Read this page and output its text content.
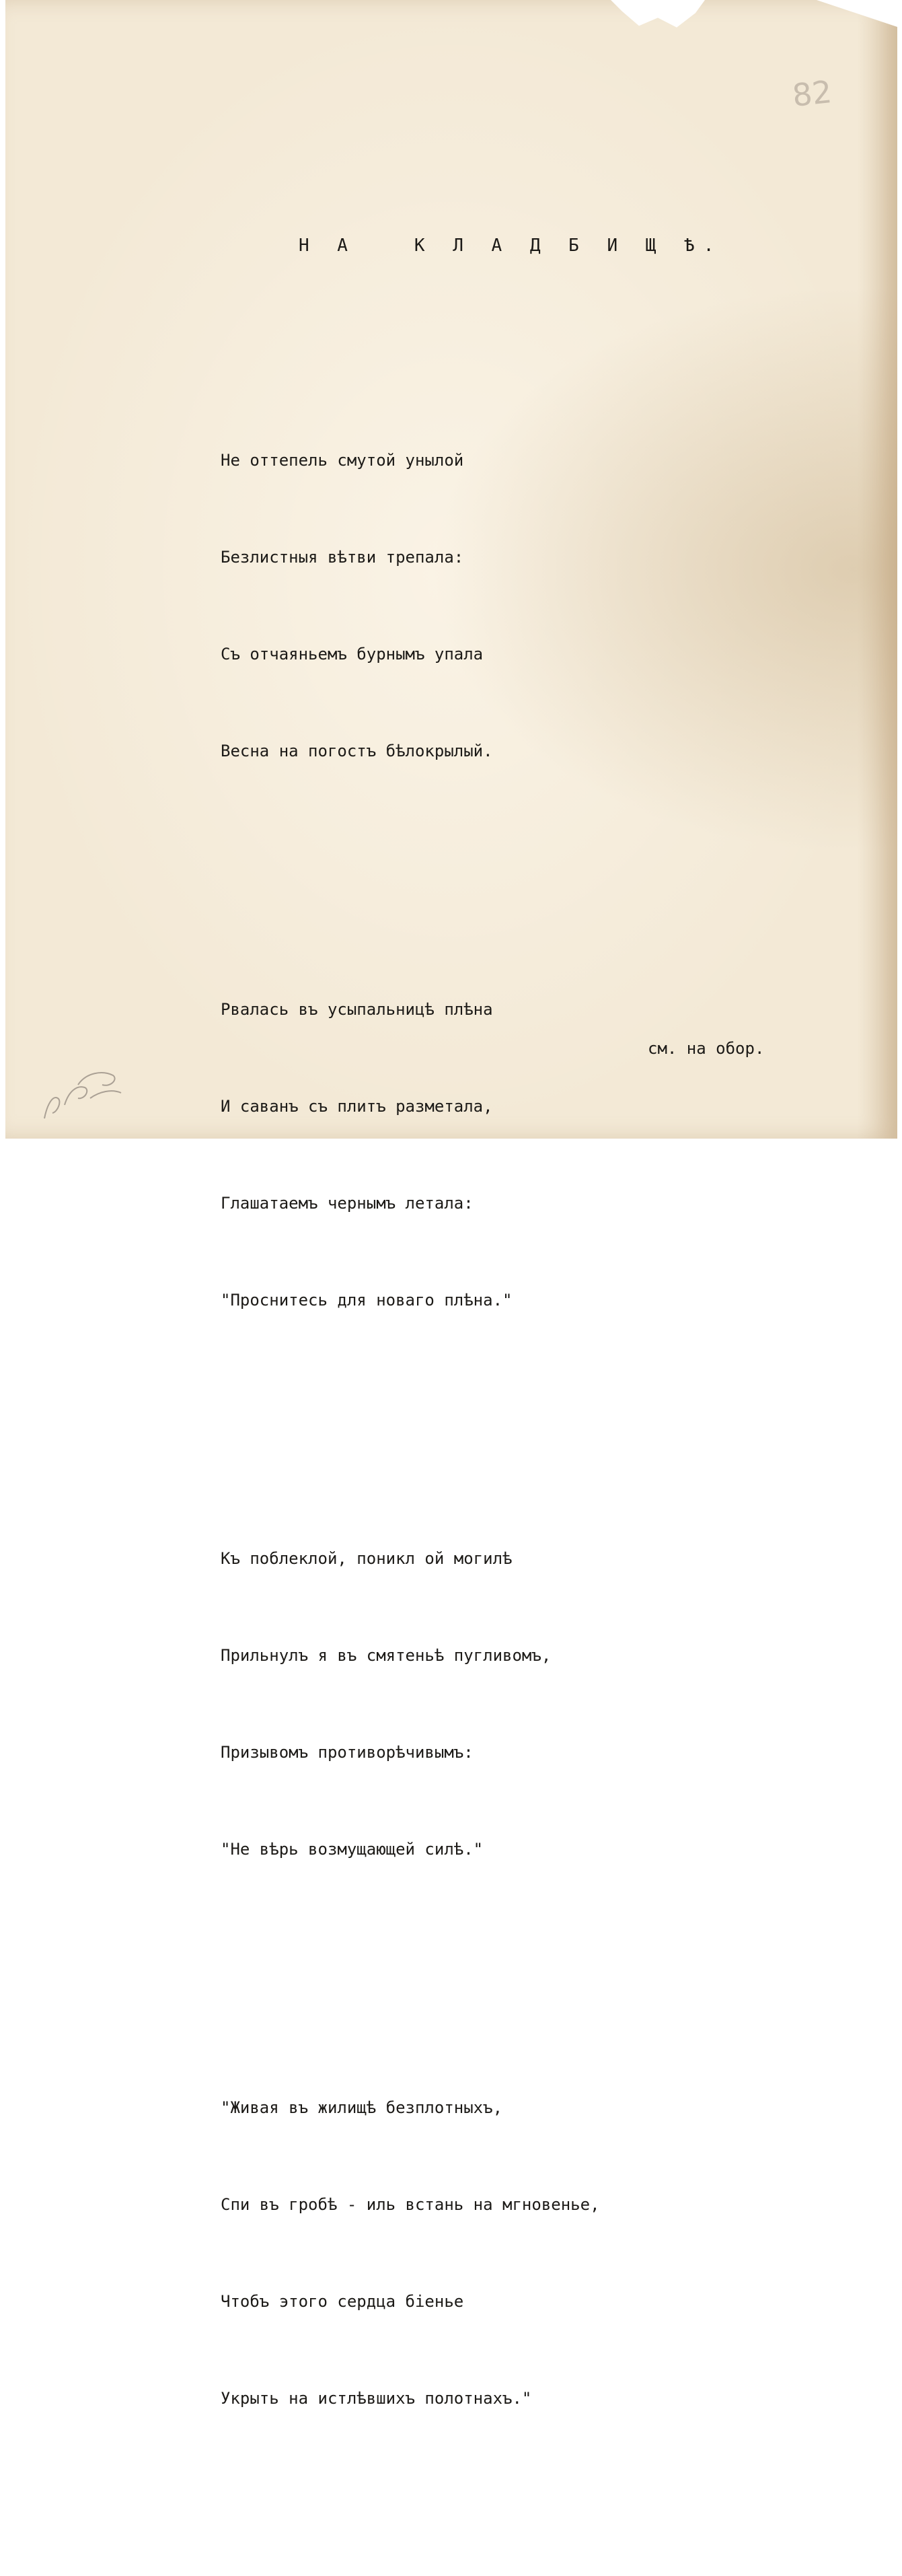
82
Н А   К Л А Д Б И Щ Ѣ.

Не оттепель смутой унылой

Безлистныя вѣтви трепала:

Съ отчаяньемъ бурнымъ упала

Весна на погостъ бѣлокрылый.

Рвалась въ усыпальницѣ плѣна

И саванъ съ плитъ разметала,

Глашатаемъ чернымъ летала:

"Проснитесь для новаго плѣна."

Къ поблеклой, поникл ой могилѣ

Прильнулъ я въ смятеньѣ пугливомъ,

Призывомъ противорѣчивымъ:

"Не вѣрь возмущающей силѣ."

"Живая въ жилищѣ безплотныхъ,

Спи въ гробѣ - иль встань на мгновенье,

Чтобъ этого сердца біенье

Укрыть на истлѣвшихъ полотнахъ."

см. на обор.
